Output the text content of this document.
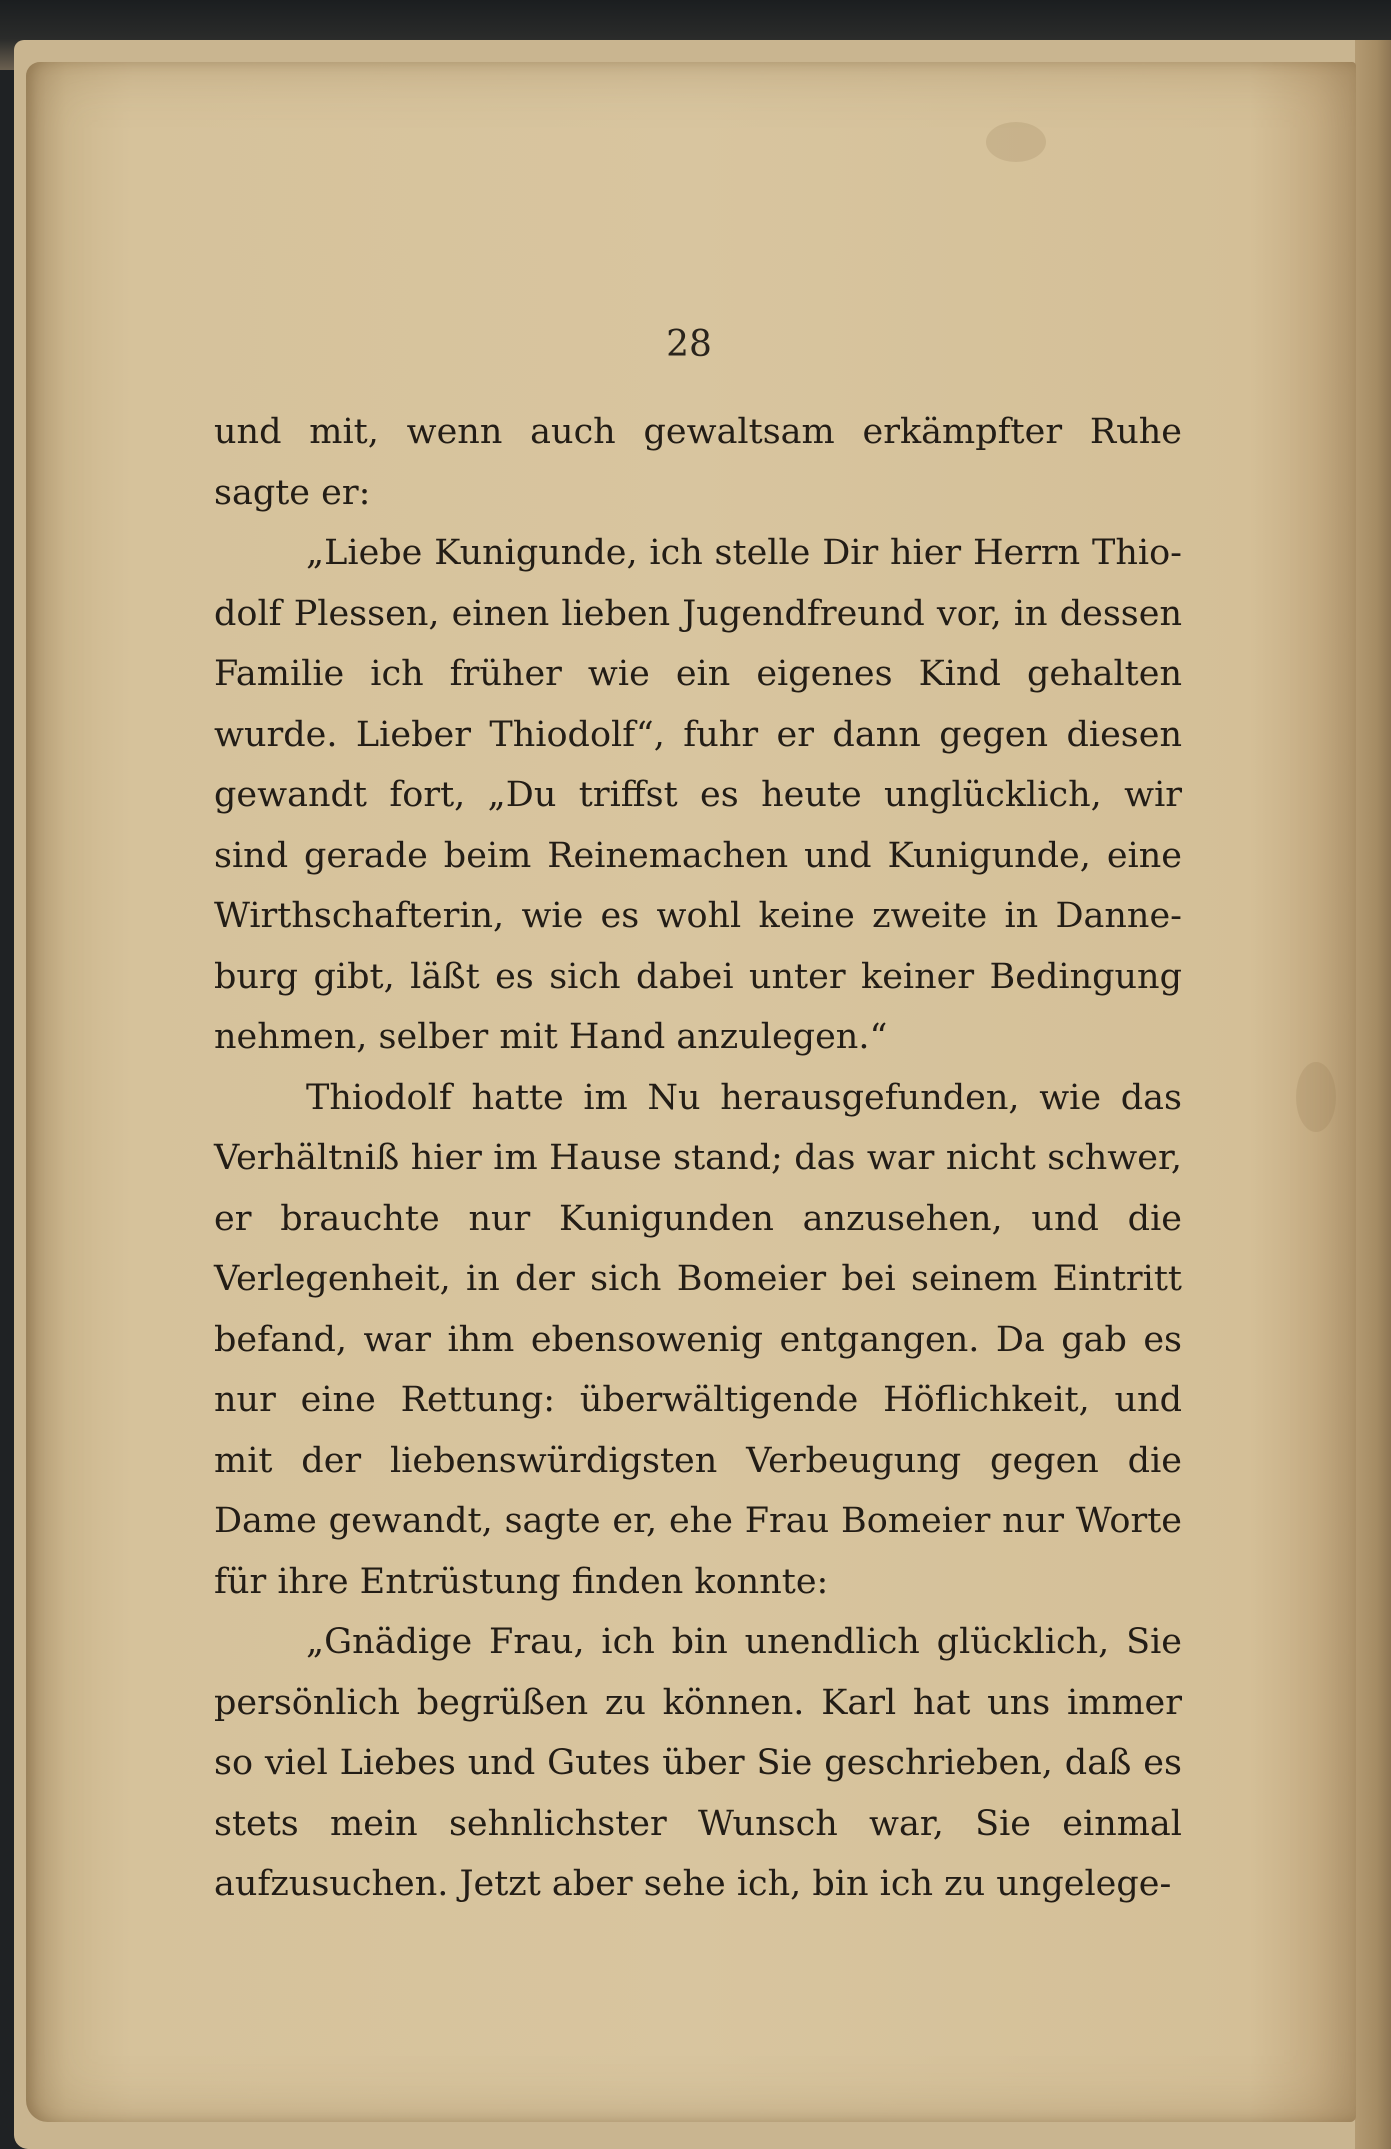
28

und mit, wenn auch gewaltsam erkämpfter Ruhe sagte er:

„Liebe Kunigunde, ich stelle Dir hier Herrn Thio-dolf Plessen, einen lieben Jugendfreund vor, in dessen Familie ich früher wie ein eigenes Kind gehalten wurde. Lieber Thiodolf“, fuhr er dann gegen diesen gewandt fort, „Du triffst es heute unglücklich, wir sind gerade beim Reinemachen und Kunigunde, eine Wirthschafterin, wie es wohl keine zweite in Danne-burg gibt, läßt es sich dabei unter keiner Bedingung nehmen, selber mit Hand anzulegen.“

Thiodolf hatte im Nu herausgefunden, wie das Verhältniß hier im Hause stand; das war nicht schwer, er brauchte nur Kunigunden anzusehen, und die Verlegenheit, in der sich Bomeier bei seinem Eintritt befand, war ihm ebensowenig entgangen. Da gab es nur eine Rettung: überwältigende Höflichkeit, und mit der liebenswürdigsten Verbeugung gegen die Dame gewandt, sagte er, ehe Frau Bomeier nur Worte für ihre Entrüstung finden konnte:

„Gnädige Frau, ich bin unendlich glücklich, Sie persönlich begrüßen zu können. Karl hat uns immer so viel Liebes und Gutes über Sie geschrieben, daß es stets mein sehnlichster Wunsch war, Sie einmal aufzusuchen. Jetzt aber sehe ich, bin ich zu ungelege-
